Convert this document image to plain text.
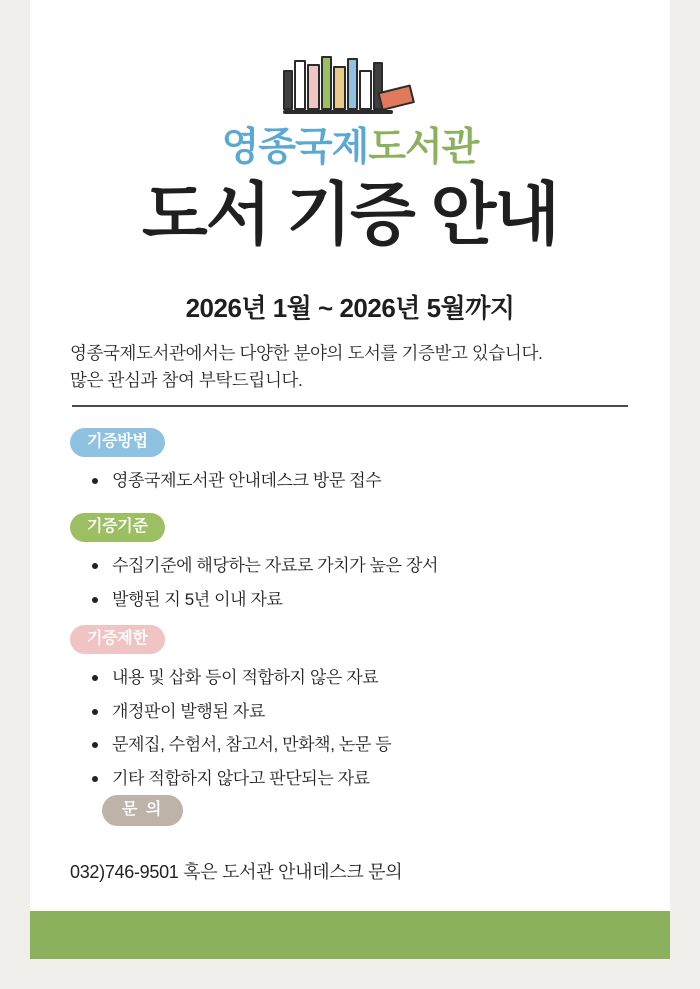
영종국제도서관
도서 기증 안내
2026년 1월 ~ 2026년 5월까지
영종국제도서관에서는 다양한 분야의 도서를 기증받고 있습니다.
많은 관심과 참여 부탁드립니다.
기증방법
영종국제도서관 안내데스크 방문 접수
기증기준
수집기준에 해당하는 자료로 가치가 높은 장서
발행된 지 5년 이내 자료
기증제한
내용 및 삽화 등이 적합하지 않은 자료
개정판이 발행된 자료
문제집, 수험서, 참고서, 만화책, 논문 등
기타 적합하지 않다고 판단되는 자료
문 의
032)746-9501 혹은 도서관 안내데스크 문의
